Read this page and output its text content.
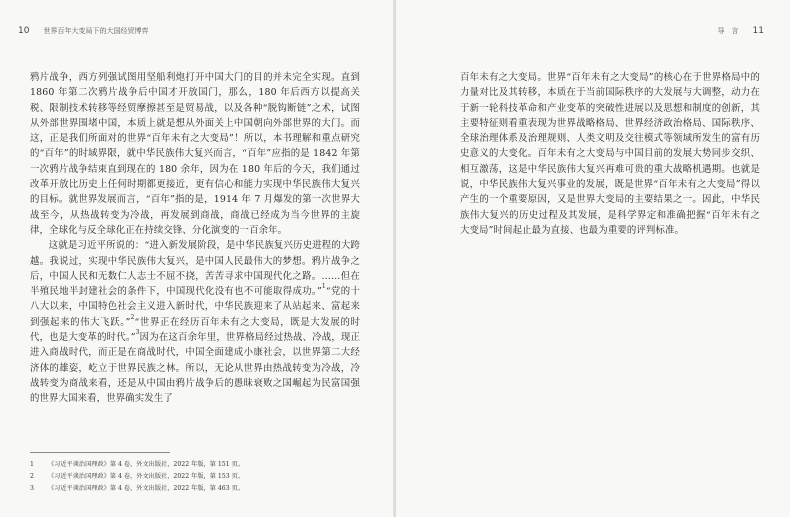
10 世界百年大变局下的大国经贸博弈

鸦片战争，西方列强试图用坚船利炮打开中国大门的目的并未完全实现。直到 1860 年第二次鸦片战争后中国才开放国门，那么，180 年后西方以提高关税、限制技术转移等经贸摩擦甚至是贸易战，以及各种“脱钩断链”之术，试图从外部世界围堵中国，本质上就是想从外面关上中国朝向外部世界的大门。而这，正是我们所面对的世界“百年未有之大变局”！所以，本书理解和重点研究的“百年”的时域界限，就中华民族伟大复兴而言，“百年”应指的是 1842 年第一次鸦片战争结束直到现在的 180 余年，因为在 180 年后的今天，我们通过改革开放比历史上任何时期都更接近，更有信心和能力实现中华民族伟大复兴的目标。就世界发展而言，“百年”指的是，1914 年 7 月爆发的第一次世界大战至今，从热战转变为冷战，再发展到商战，商战已经成为当今世界的主旋律，全球化与反全球化正在持续交锋、分化演变的一百余年。

这就是习近平所说的：“进入新发展阶段，是中华民族复兴历史进程的大跨越。我说过，实现中华民族伟大复兴，是中国人民最伟大的梦想。鸦片战争之后，中国人民和无数仁人志士不屈不挠，苦苦寻求中国现代化之路。……但在半殖民地半封建社会的条件下，中国现代化没有也不可能取得成功。”$^1$“党的十八大以来，中国特色社会主义进入新时代，中华民族迎来了从站起来、富起来到强起来的伟大飞跃。”$^2$“世界正在经历百年未有之大变局，既是大发展的时代，也是大变革的时代。”$^3$因为在这百余年里，世界格局经过热战、冷战，现正进入商战时代，而正是在商战时代，中国全面建成小康社会，以世界第二大经济体的雄姿，屹立于世界民族之林。所以，无论从世界由热战转变为冷战，冷战转变为商战来看，还是从中国由鸦片战争后的愚昧衰败之国崛起为民富国强的世界大国来看，世界确实发生了

1 《习近平谈治国理政》第 4 卷，外文出版社，2022 年版，第 151 页。
2 《习近平谈治国理政》第 4 卷，外文出版社，2022 年版，第 153 页。
3 《习近平谈治国理政》第 4 卷，外文出版社，2022 年版，第 463 页。
导　言 11

百年未有之大变局。世界“百年未有之大变局”的核心在于世界格局中的力量对比及其转移，本质在于当前国际秩序的大发展与大调整，动力在于新一轮科技革命和产业变革的突破性进展以及思想和制度的创新，其主要特征则看重表现为世界战略格局、世界经济政治格局、国际秩序、全球治理体系及治理规则、人类文明及交往模式等领域所发生的富有历史意义的大变化。百年未有之大变局与中国目前的发展大势同步交织、相互激荡，这是中华民族伟大复兴再难可贵的重大战略机遇期。也就是说，中华民族伟大复兴事业的发展，既是世界“百年未有之大变局”得以产生的一个重要原因，又是世界大变局的主要结果之一。因此，中华民族伟大复兴的历史过程及其发展，是科学界定和准确把握“百年未有之大变局”时间起止最为直接、也最为重要的评判标准。
